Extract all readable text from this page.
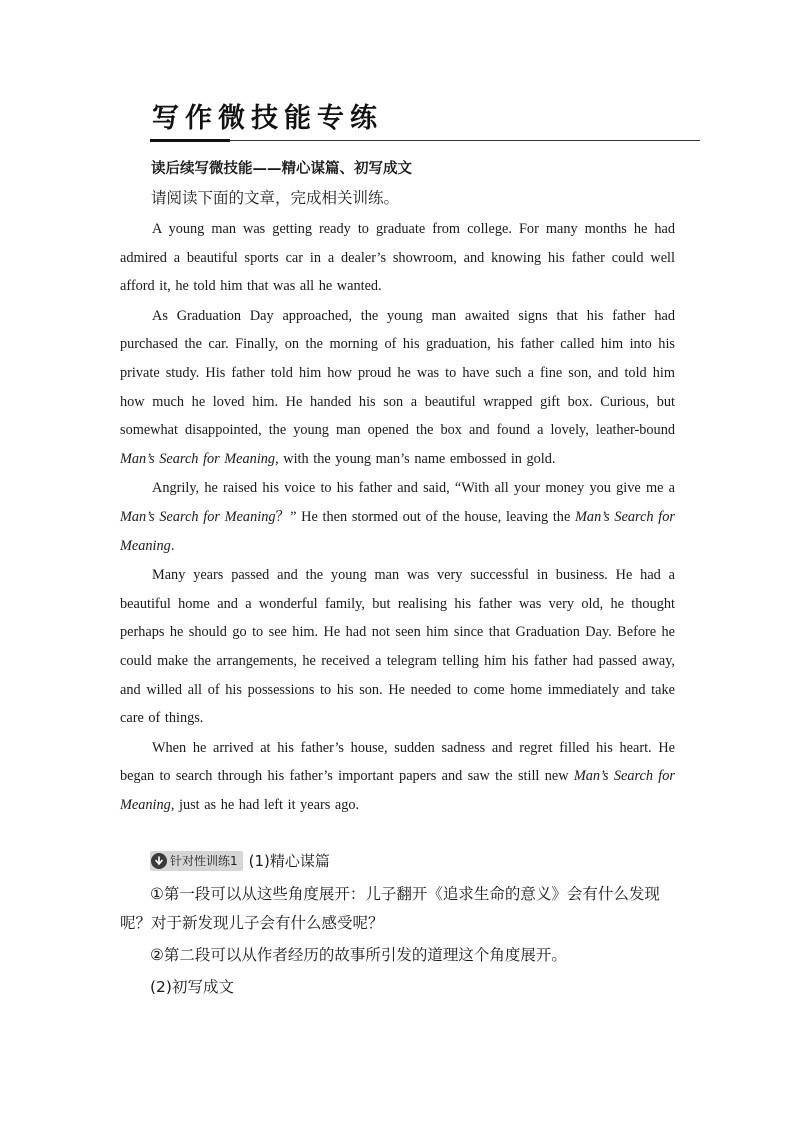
写作微技能专练

读后续写微技能——精心谋篇、初写成文

请阅读下面的文章，完成相关训练。

A young man was getting ready to graduate from college. For many months he had admired a beautiful sports car in a dealer’s showroom, and knowing his father could well afford it, he told him that was all he wanted.

As Graduation Day approached, the young man awaited signs that his father had purchased the car. Finally, on the morning of his graduation, his father called him into his private study. His father told him how proud he was to have such a fine son, and told him how much he loved him. He handed his son a beautiful wrapped gift box. Curious, but somewhat disappointed, the young man opened the box and found a lovely, leather-bound Man’s Search for Meaning, with the young man’s name embossed in gold.

Angrily, he raised his voice to his father and said, “With all your money you give me a Man’s Search for Meaning？” He then stormed out of the house, leaving the Man’s Search for Meaning.

Many years passed and the young man was very successful in business. He had a beautiful home and a wonderful family, but realising his father was very old, he thought perhaps he should go to see him. He had not seen him since that Graduation Day. Before he could make the arrangements, he received a telegram telling him his father had passed away, and willed all of his possessions to his son. He needed to come home immediately and take care of things.

When he arrived at his father’s house, sudden sadness and regret filled his heart. He began to search through his father’s important papers and saw the still new Man’s Search for Meaning, just as he had left it years ago.

针对性训练1 (1)精心谋篇

①第一段可以从这些角度展开：儿子翻开《追求生命的意义》会有什么发现呢？对于新发现儿子会有什么感受呢？

②第二段可以从作者经历的故事所引发的道理这个角度展开。

(2)初写成文
